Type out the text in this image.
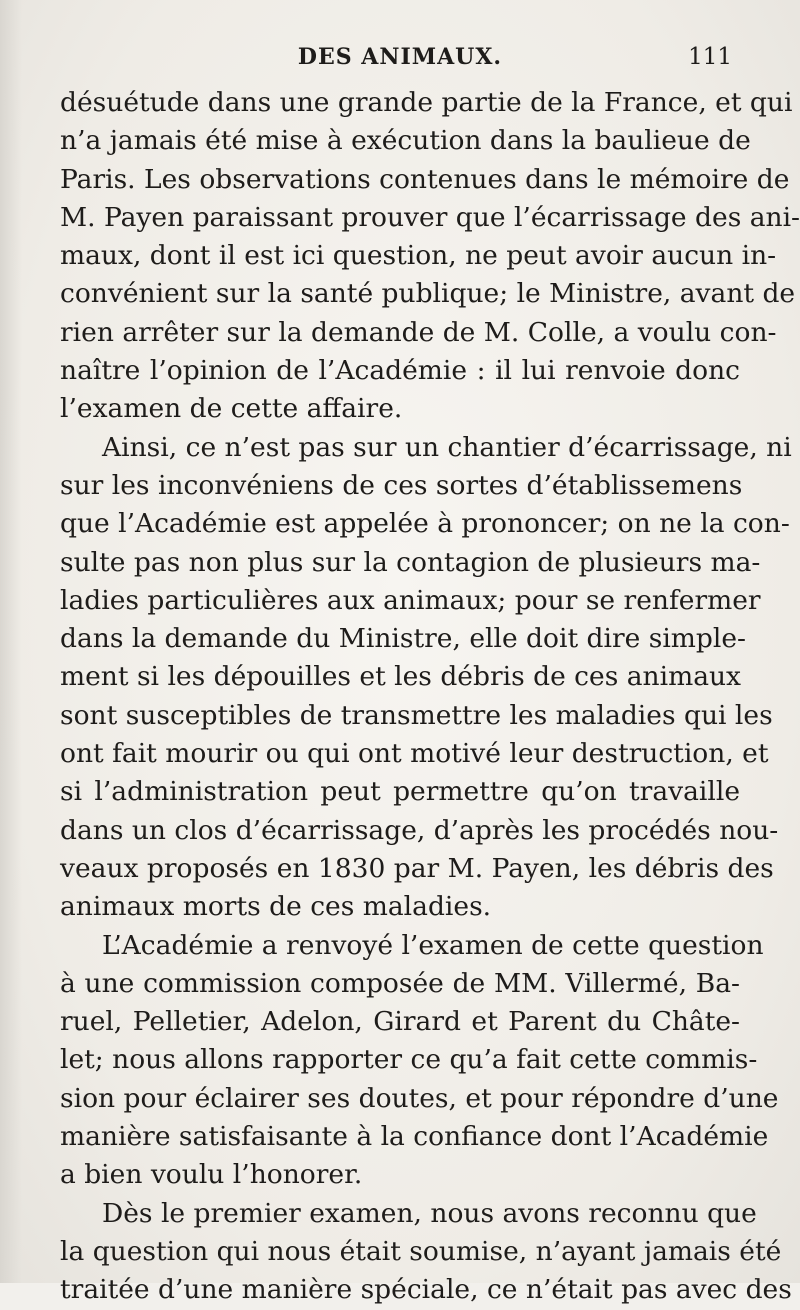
DES ANIMAUX.	111
désuétude dans une grande partie de la France, et qui
n’a jamais été mise à exécution dans la baulieue de
Paris. Les observations contenues dans le mémoire de
M. Payen paraissant prouver que l’écarrissage des ani-
maux, dont il est ici question, ne peut avoir aucun in-
convénient sur la santé publique; le Ministre, avant de
rien arrêter sur la demande de M. Colle, a voulu con-
naître l’opinion de l’Académie : il lui renvoie donc
l’examen de cette affaire.
Ainsi, ce n’est pas sur un chantier d’écarrissage, ni
sur les inconvéniens de ces sortes d’établissemens
que l’Académie est appelée à prononcer; on ne la con-
sulte pas non plus sur la contagion de plusieurs ma-
ladies particulières aux animaux; pour se renfermer
dans la demande du Ministre, elle doit dire simple-
ment si les dépouilles et les débris de ces animaux
sont susceptibles de transmettre les maladies qui les
ont fait mourir ou qui ont motivé leur destruction, et
si l’administration peut permettre qu’on travaille
dans un clos d’écarrissage, d’après les procédés nou-
veaux proposés en 1830 par M. Payen, les débris des
animaux morts de ces maladies.
L’Académie a renvoyé l’examen de cette question
à une commission composée de MM. Villermé, Ba-
ruel, Pelletier, Adelon, Girard et Parent du Châte-
let; nous allons rapporter ce qu’a fait cette commis-
sion pour éclairer ses doutes, et pour répondre d’une
manière satisfaisante à la confiance dont l’Académie
a bien voulu l’honorer.
Dès le premier examen, nous avons reconnu que
la question qui nous était soumise, n’ayant jamais été
traitée d’une manière spéciale, ce n’était pas avec des
